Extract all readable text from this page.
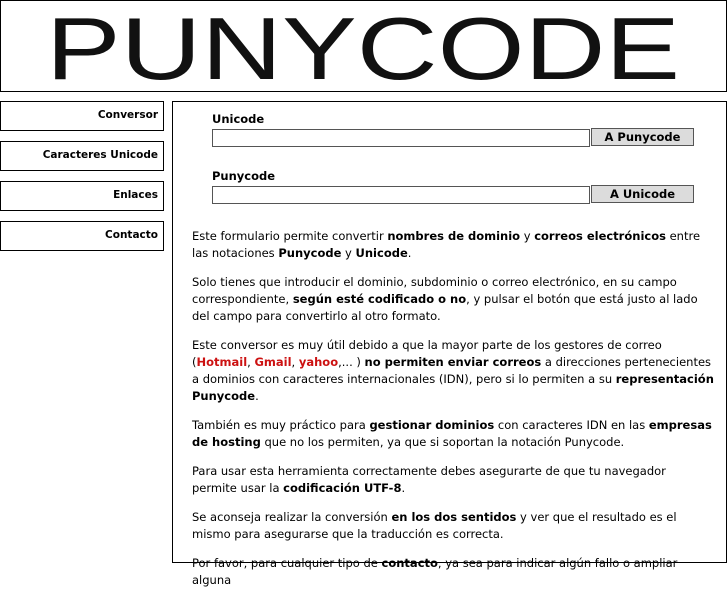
PUNYCODE
Conversor
Caracteres Unicode
Enlaces
Contacto
Unicode
A Punycode
Punycode
A Unicode

Este formulario permite convertir nombres de dominio y correos electrónicos entre las notaciones Punycode y Unicode.

Solo tienes que introducir el dominio, subdominio o correo electrónico, en su campo correspondiente, según esté codificado o no, y pulsar el botón que está justo al lado del campo para convertirlo al otro formato.

Este conversor es muy útil debido a que la mayor parte de los gestores de correo (Hotmail, Gmail, yahoo,... ) no permiten enviar correos a direcciones pertenecientes a dominios con caracteres internacionales (IDN), pero si lo permiten a su representación Punycode.

También es muy práctico para gestionar dominios con caracteres IDN en las empresas de hosting que no los permiten, ya que si soportan la notación Punycode.

Para usar esta herramienta correctamente debes asegurarte de que tu navegador permite usar la codificación UTF-8.

Se aconseja realizar la conversión en los dos sentidos y ver que el resultado es el mismo para asegurarse que la traducción es correcta.

Por favor, para cualquier tipo de contacto, ya sea para indicar algún fallo o ampliar alguna
